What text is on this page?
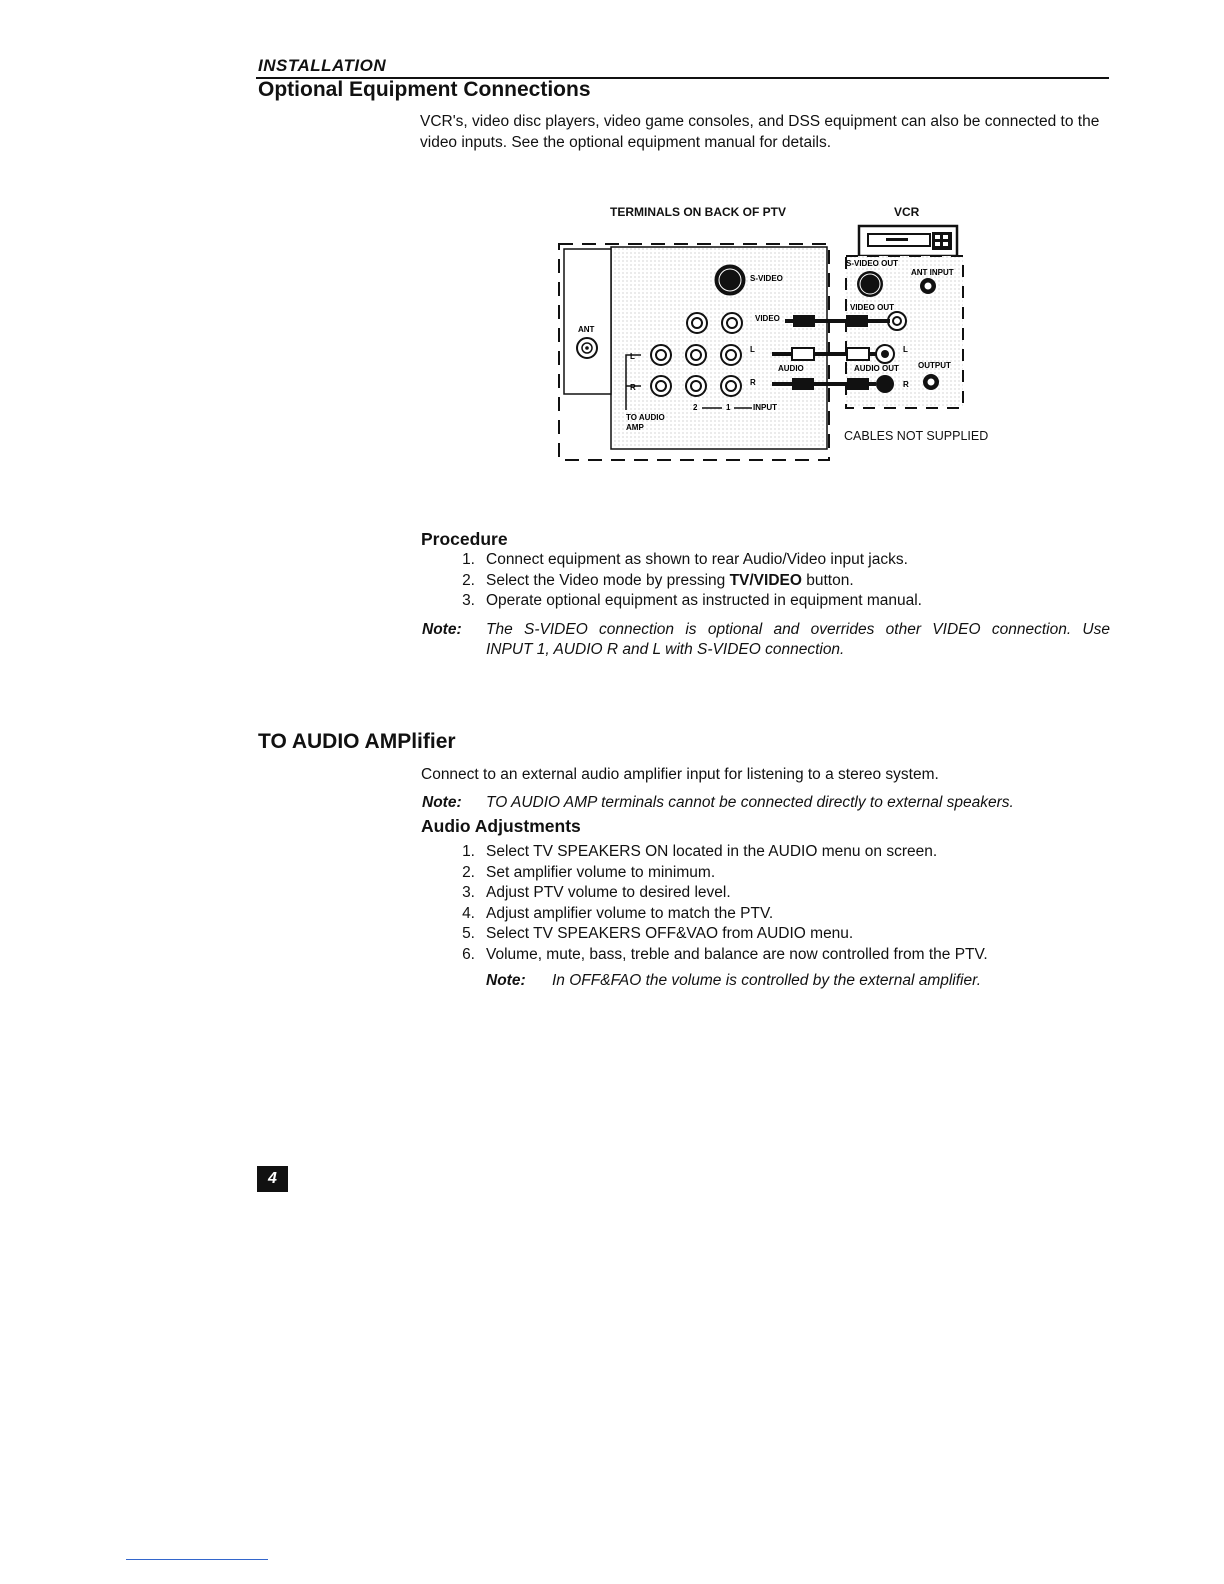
INSTALLATION
Optional Equipment Connections
VCR's, video disc players, video game consoles, and DSS equipment can also be connected to the video inputs. See the optional equipment manual for details.
TERMINALS ON BACK OF PTV	VCR
CABLES NOT SUPPLIED
ANT
S-VIDEO
VIDEO
L
AUDIO
R
L
R
TO AUDIO
AMP
2	1	INPUT
S-VIDEO OUT
ANT INPUT
VIDEO OUT
L
AUDIO OUT OUTPUT
R
Procedure
1. Connect equipment as shown to rear Audio/Video input jacks.
2. Select the Video mode by pressing TV/VIDEO button.
3. Operate optional equipment as instructed in equipment manual.
Note: The S-VIDEO connection is optional and overrides other VIDEO connection. Use
INPUT 1, AUDIO R and L with S-VIDEO connection.
TO AUDIO AMPlifier
Connect to an external audio amplifier input for listening to a stereo system.
Note: TO AUDIO AMP terminals cannot be connected directly to external speakers.
Audio Adjustments
1. Select TV SPEAKERS ON located in the AUDIO menu on screen.
2. Set amplifier volume to minimum.
3. Adjust PTV volume to desired level.
4. Adjust amplifier volume to match the PTV.
5. Select TV SPEAKERS OFF&VAO from AUDIO menu.
6. Volume, mute, bass, treble and balance are now controlled from the PTV.
Note: In OFF&FAO the volume is controlled by the external amplifier.
4
